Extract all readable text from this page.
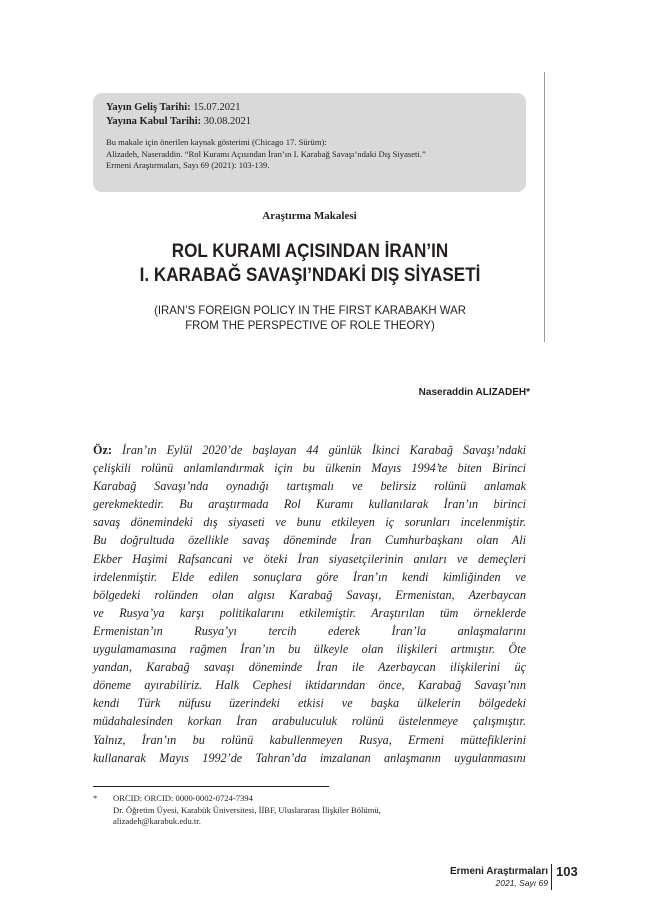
Yayın Geliş Tarihi: 15.07.2021
Yayına Kabul Tarihi: 30.08.2021
Bu makale için önerilen kaynak gösterimi (Chicago 17. Sürüm):
Alizadeh, Naseraddin. “Rol Kuramı Açısından İran’ın I. Karabağ Savaşı’ndaki Dış Siyaseti.”
Ermeni Araştırmaları, Sayı 69 (2021): 103-139.
Araştırma Makalesi
ROL KURAMI AÇISINDAN İRAN’IN
I. KARABAĞ SAVAŞI’NDAKİ DIŞ SİYASETİ
(IRAN’S FOREIGN POLICY IN THE FIRST KARABAKH WAR
FROM THE PERSPECTIVE OF ROLE THEORY)
Naseraddin ALIZADEH*
Öz: İran’ın Eylül 2020’de başlayan 44 günlük İkinci Karabağ Savaşı’ndaki
çelişkili rolünü anlamlandırmak için bu ülkenin Mayıs 1994’te biten Birinci
Karabağ Savaşı’nda oynadığı tartışmalı ve belirsiz rolünü anlamak
gerekmektedir. Bu araştırmada Rol Kuramı kullanılarak İran’ın birinci
savaş dönemindeki dış siyaseti ve bunu etkileyen iç sorunları incelenmiştir.
Bu doğrultuda özellikle savaş döneminde İran Cumhurbaşkanı olan Ali
Ekber Haşimi Rafsancani ve öteki İran siyasetçilerinin anıları ve demeçleri
irdelenmiştir. Elde edilen sonuçlara göre İran’ın kendi kimliğinden ve
bölgedeki rolünden olan algısı Karabağ Savaşı, Ermenistan, Azerbaycan
ve Rusya’ya karşı politikalarını etkilemiştir. Araştırılan tüm örneklerde
Ermenistan’ın Rusya’yı tercih ederek İran’la anlaşmalarını
uygulamamasına rağmen İran’ın bu ülkeyle olan ilişkileri artmıştır. Öte
yandan, Karabağ savaşı döneminde İran ile Azerbaycan ilişkilerini üç
döneme ayırabiliriz. Halk Cephesi iktidarından önce, Karabağ Savaşı’nın
kendi Türk nüfusu üzerindeki etkisi ve başka ülkelerin bölgedeki
müdahalesinden korkan İran arabuluculuk rolünü üstelenmeye çalışmıştır.
Yalnız, İran’ın bu rolünü kabullenmeyen Rusya, Ermeni müttefiklerini
kullanarak Mayıs 1992’de Tahran’da imzalanan anlaşmanın uygulanmasını
* ORCID: ORCID: 0000-0002-0724-7394
Dr. Öğretim Üyesi, Karabük Üniversitesi, İİBF, Uluslararası İlişkiler Bölümü,
alizadeh@karabuk.edu.tr.
Ermeni Araştırmaları
2021, Sayı 69
103
